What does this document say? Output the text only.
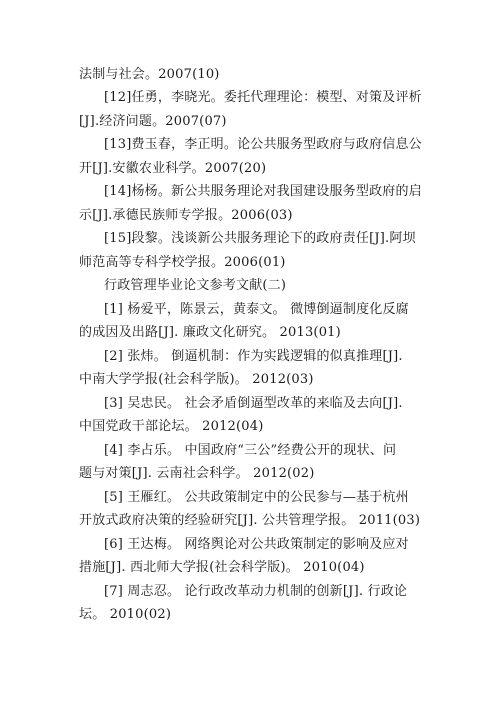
法制与社会。2007(10)
[12]任勇，李晓光。委托代理理论：模型、对策及评析
[J].经济问题。2007(07)
[13]费玉春，李正明。论公共服务型政府与政府信息公
开[J].安徽农业科学。2007(20)
[14]杨杨。新公共服务理论对我国建设服务型政府的启
示[J].承德民族师专学报。2006(03)
[15]段黎。浅谈新公共服务理论下的政府责任[J].阿坝
师范高等专科学校学报。2006(01)
行政管理毕业论文参考文献(二)
[1] 杨爱平，陈景云，黄泰文。 微博倒逼制度化反腐
的成因及出路[J]. 廉政文化研究。 2013(01)
[2] 张炜。 倒逼机制：作为实践逻辑的似真推理[J].
中南大学学报(社会科学版)。 2012(03)
[3] 吴忠民。 社会矛盾倒逼型改革的来临及去向[J].
中国党政干部论坛。 2012(04)
[4] 李占乐。 中国政府“三公”经费公开的现状、问
题与对策[J]. 云南社会科学。 2012(02)
[5] 王雁红。 公共政策制定中的公民参与—基于杭州
开放式政府决策的经验研究[J]. 公共管理学报。 2011(03)
[6] 王达梅。 网络舆论对公共政策制定的影响及应对
措施[J]. 西北师大学报(社会科学版)。 2010(04)
[7] 周志忍。 论行政改革动力机制的创新[J]. 行政论
坛。 2010(02)
